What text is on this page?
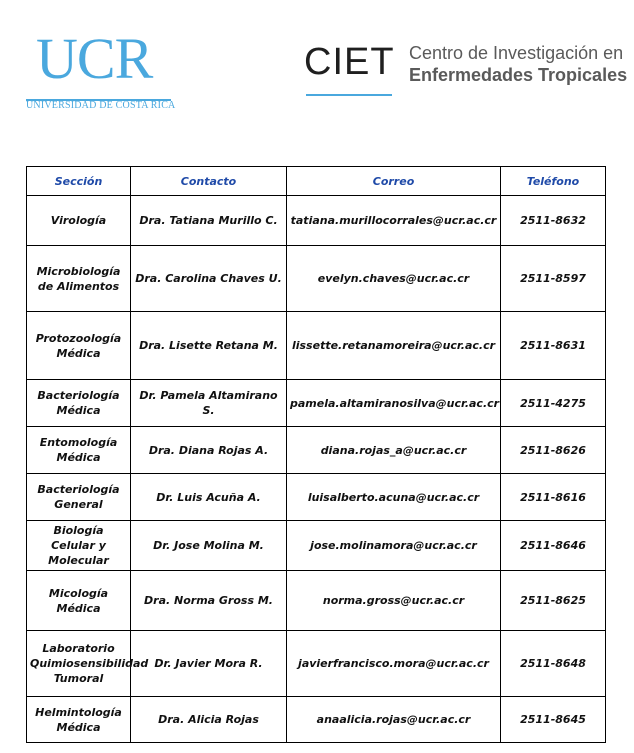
UCR
UNIVERSIDAD DE COSTA RICA
CIET Centro de Investigación en
Enfermedades Tropicales
Sección	Contacto	Correo	Teléfono
Virología	Dra. Tatiana Murillo C.	tatiana.murillocorrales@ucr.ac.cr	2511-8632
Microbiología de Alimentos	Dra. Carolina Chaves U.	evelyn.chaves@ucr.ac.cr	2511-8597
Protozoología Médica	Dra. Lisette Retana M.	lissette.retanamoreira@ucr.ac.cr	2511-8631
Bacteriología Médica	Dr. Pamela Altamirano S.	pamela.altamiranosilva@ucr.ac.cr	2511-4275
Entomología Médica	Dra. Diana Rojas A.	diana.rojas_a@ucr.ac.cr	2511-8626
Bacteriología General	Dr. Luis Acuña A.	luisalberto.acuna@ucr.ac.cr	2511-8616
Biología Celular y Molecular	Dr. Jose Molina M.	jose.molinamora@ucr.ac.cr	2511-8646
Micología Médica	Dra. Norma Gross M.	norma.gross@ucr.ac.cr	2511-8625
Laboratorio Quimiosensibilidad Tumoral	Dr. Javier Mora R.	javierfrancisco.mora@ucr.ac.cr	2511-8648
Helmintología Médica	Dra. Alicia Rojas	anaalicia.rojas@ucr.ac.cr	2511-8645
